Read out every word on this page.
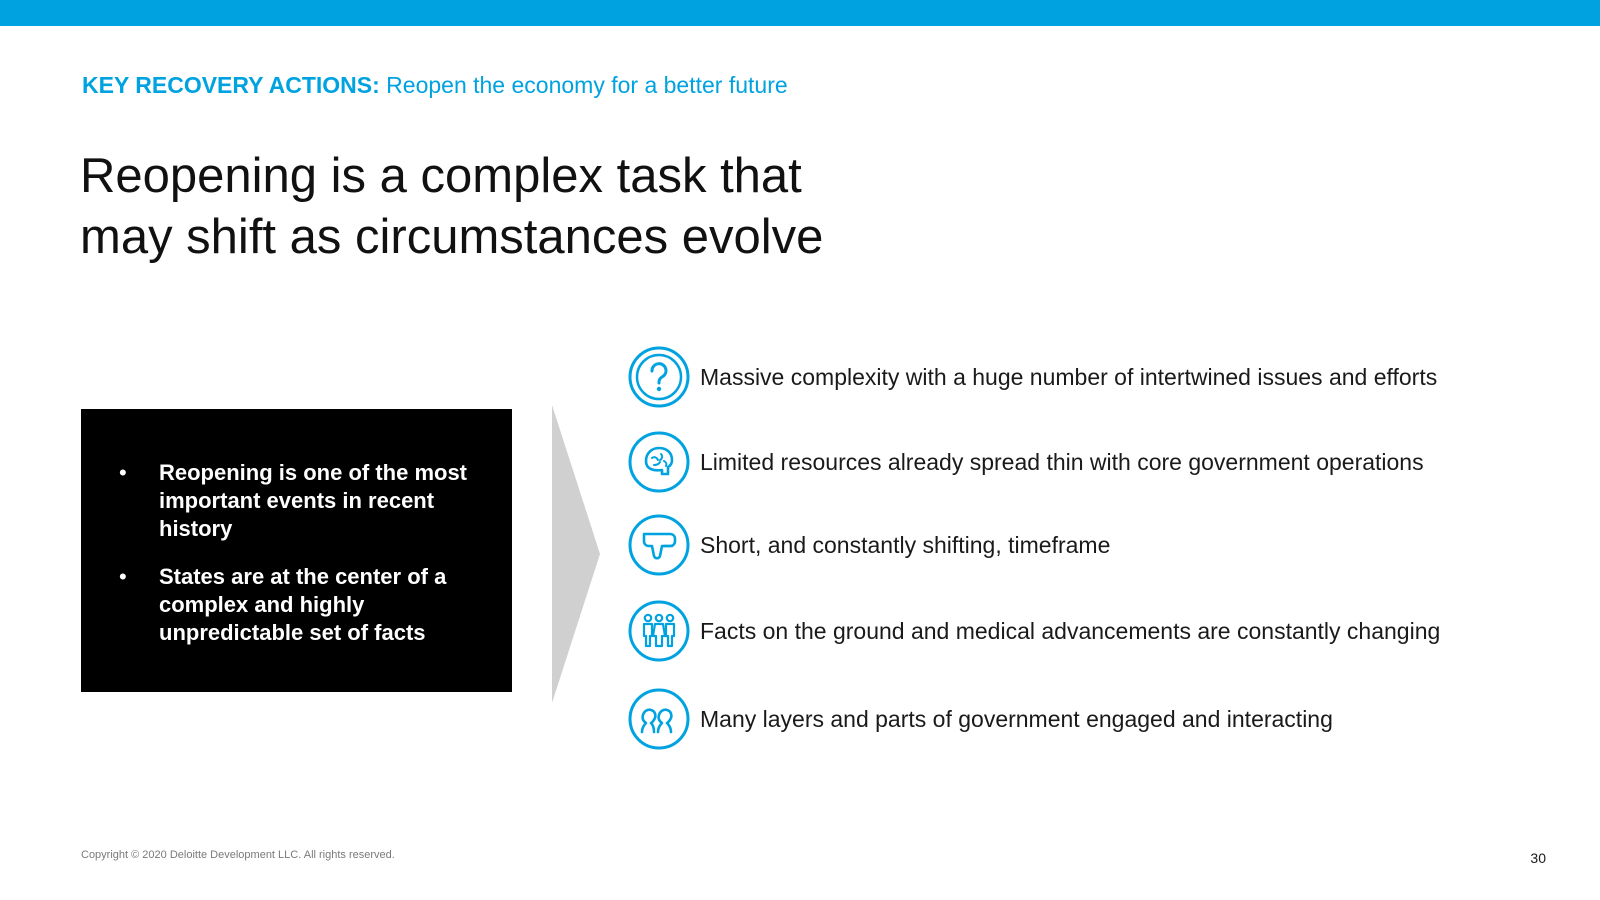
KEY RECOVERY ACTIONS: Reopen the economy for a better future
Reopening is a complex task that
may shift as circumstances evolve
• Reopening is one of the most important events in recent history
• States are at the center of a complex and highly unpredictable set of facts
Massive complexity with a huge number of intertwined issues and efforts
Limited resources already spread thin with core government operations
Short, and constantly shifting, timeframe
Facts on the ground and medical advancements are constantly changing
Many layers and parts of government engaged and interacting
Copyright © 2020 Deloitte Development LLC. All rights reserved.	30
